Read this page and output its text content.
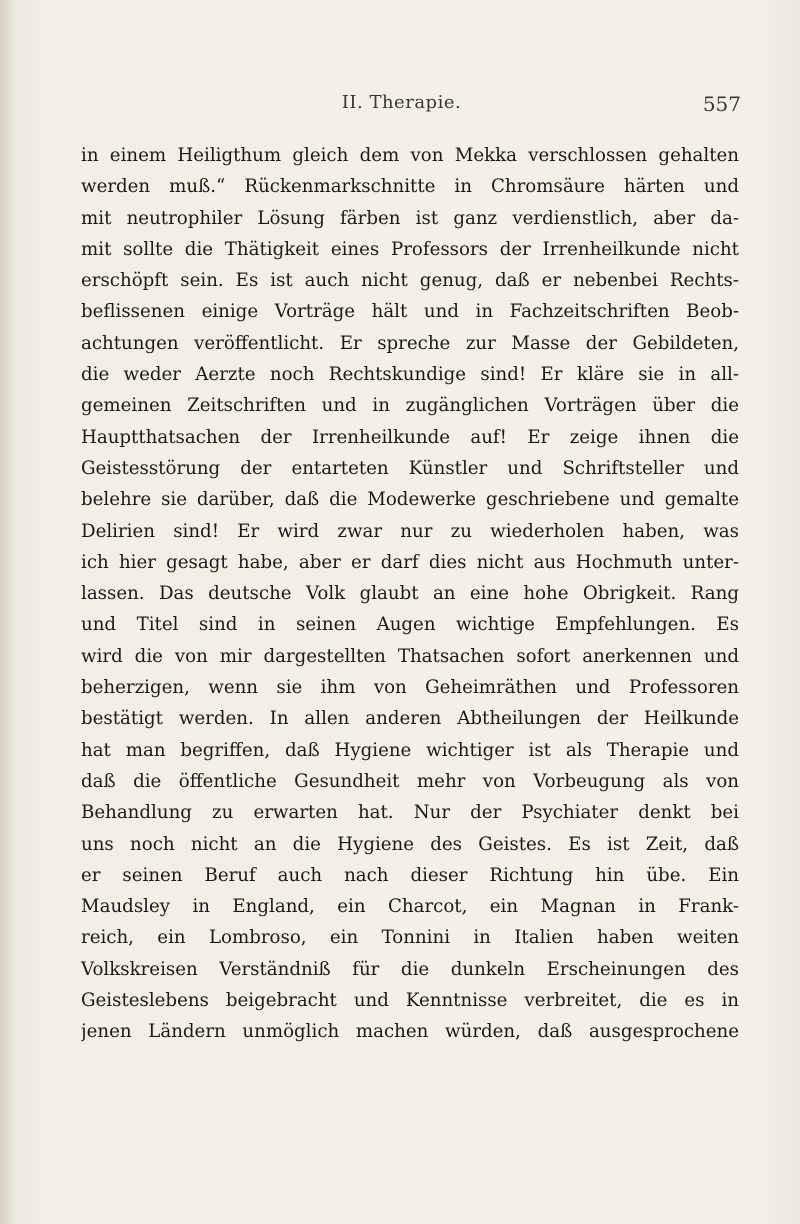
II. Therapie.	557
in einem Heiligthum gleich dem von Mekka verschlossen gehalten
werden muß.“ Rückenmarkschnitte in Chromsäure härten und
mit neutrophiler Lösung färben ist ganz verdienstlich, aber da-
mit sollte die Thätigkeit eines Professors der Irrenheilkunde nicht
erschöpft sein. Es ist auch nicht genug, daß er nebenbei Rechts-
beflissenen einige Vorträge hält und in Fachzeitschriften Beob-
achtungen veröffentlicht. Er spreche zur Masse der Gebildeten,
die weder Aerzte noch Rechtskundige sind! Er kläre sie in all-
gemeinen Zeitschriften und in zugänglichen Vorträgen über die
Hauptthatsachen der Irrenheilkunde auf! Er zeige ihnen die
Geistesstörung der entarteten Künstler und Schriftsteller und
belehre sie darüber, daß die Modewerke geschriebene und gemalte
Delirien sind! Er wird zwar nur zu wiederholen haben, was
ich hier gesagt habe, aber er darf dies nicht aus Hochmuth unter-
lassen. Das deutsche Volk glaubt an eine hohe Obrigkeit. Rang
und Titel sind in seinen Augen wichtige Empfehlungen. Es
wird die von mir dargestellten Thatsachen sofort anerkennen und
beherzigen, wenn sie ihm von Geheimräthen und Professoren
bestätigt werden. In allen anderen Abtheilungen der Heilkunde
hat man begriffen, daß Hygiene wichtiger ist als Therapie und
daß die öffentliche Gesundheit mehr von Vorbeugung als von
Behandlung zu erwarten hat. Nur der Psychiater denkt bei
uns noch nicht an die Hygiene des Geistes. Es ist Zeit, daß
er seinen Beruf auch nach dieser Richtung hin übe. Ein
Maudsley in England, ein Charcot, ein Magnan in Frank-
reich, ein Lombroso, ein Tonnini in Italien haben weiten
Volkskreisen Verständniß für die dunkeln Erscheinungen des
Geisteslebens beigebracht und Kenntnisse verbreitet, die es in
jenen Ländern unmöglich machen würden, daß ausgesprochene
